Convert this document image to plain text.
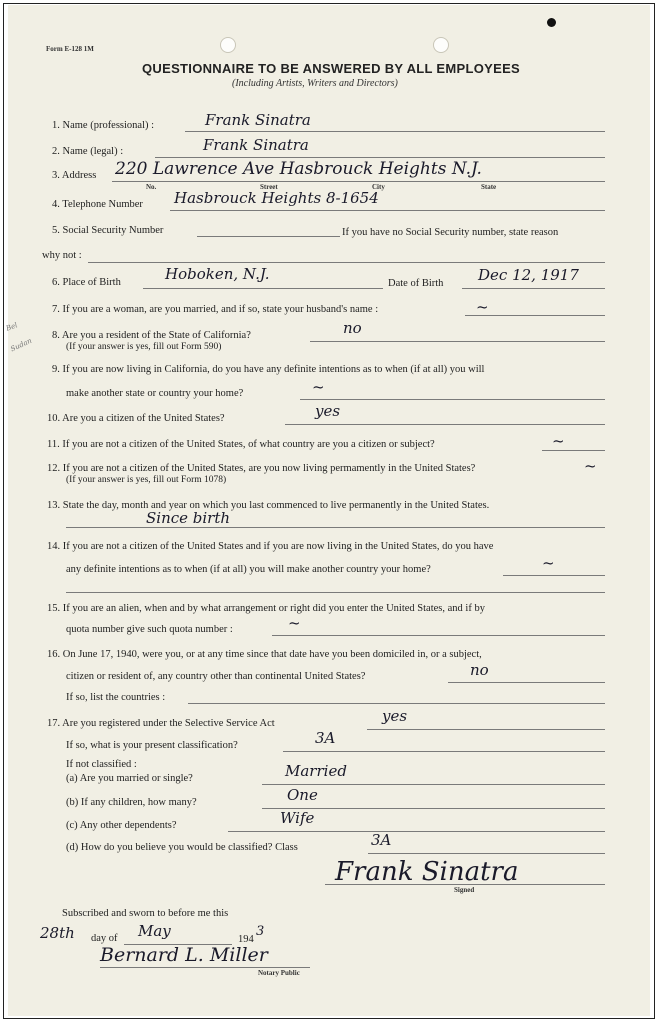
Form E-128 1M
QUESTIONNAIRE TO BE ANSWERED BY ALL EMPLOYEES
(Including Artists, Writers and Directors)
Bel
Sudan
1. Name (professional) :	Frank Sinatra
2. Name (legal) :	Frank Sinatra
3. Address 220 Lawrence Ave Hasbrouck Heights N.J.
No.	Street	City	State
4. Telephone Number Hasbrouck Heights 8-1654
5. Social Security Number	If you have no Social Security number, state reason
why not :
6. Place of Birth	Hoboken, N.J.
Date of Birth Dec 12, 1917
7. If you are a woman, are you married, and if so, state your husband's name :	~
8. Are you a resident of the State of California?	no
(If your answer is yes, fill out Form 590)
9. If you are now living in California, do you have any definite intentions as to when (if at all) you will
make another state or country your home?	~
10. Are you a citizen of the United States?	yes
11. If you are not a citizen of the United States, of what country are you a citizen or subject?	~
12. If you are not a citizen of the United States, are you now living permamently in the United States?	~
(If your answer is yes, fill out Form 1078)
13. State the day, month and year on which you last commenced to live permanently in the United States.
Since birth
14. If you are not a citizen of the United States and if you are now living in the United States, do you have
any definite intentions as to when (if at all) you will make another country your home?	~
15. If you are an alien, when and by what arrangement or right did you enter the United States, and if by
quota number give such quota number :	~
16. On June 17, 1940, were you, or at any time since that date have you been domiciled in, or a subject,
citizen or resident of, any country other than continental United States?	no
If so, list the countries :
17. Are you registered under the Selective Service Act	yes
If so, what is your present classification?	3A
If not classified :
(a) Are you married or single?	Married
(b) If any children, how many?	One
(c) Any other dependents?	Wife
(d) How do you believe you would be classified? Class	3A
Frank Sinatra
Signed
Subscribed and sworn to before me this
28th day of May	194
3
Bernard L. Miller
Notary Public
